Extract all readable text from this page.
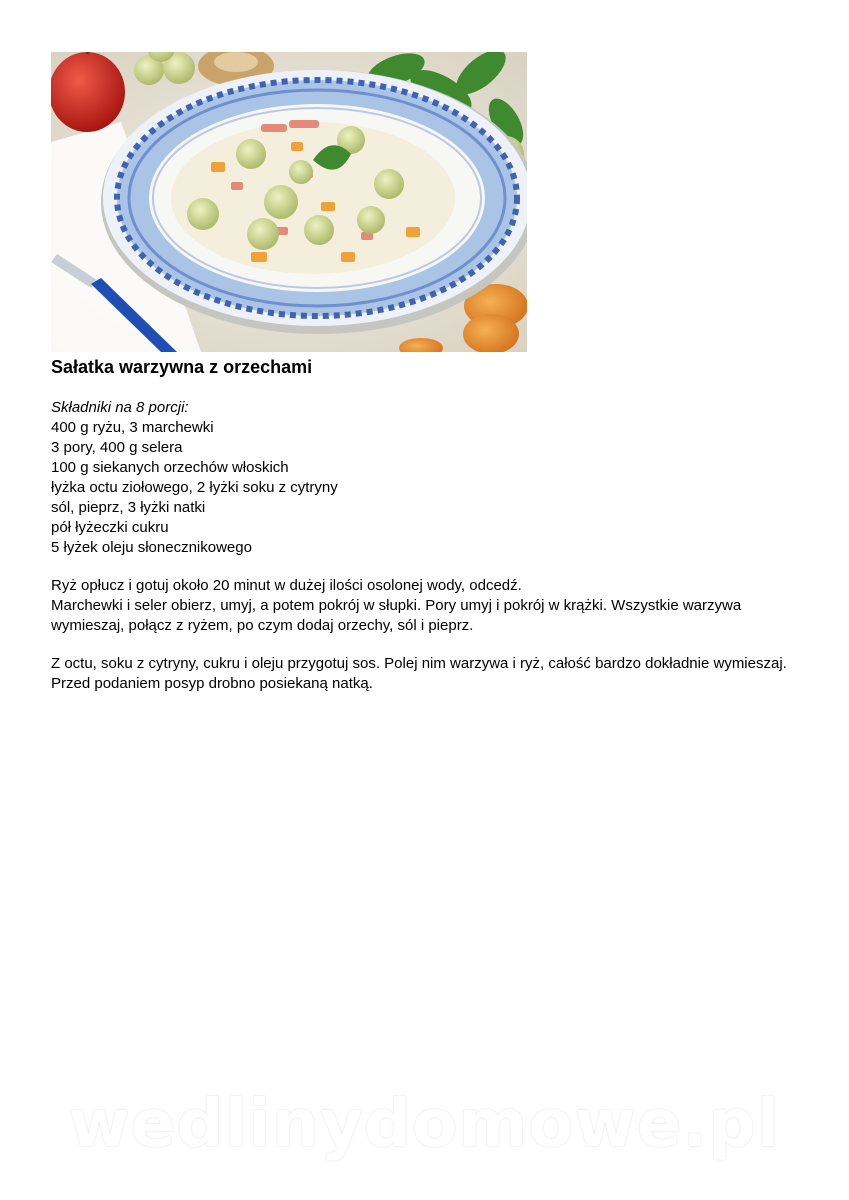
Sałatka warzywna z orzechami

Składniki na 8 porcji:
400 g ryżu, 3 marchewki
3 pory, 400 g selera
100 g siekanych orzechów włoskich
łyżka octu ziołowego, 2 łyżki soku z cytryny
sól, pieprz, 3 łyżki natki
pół łyżeczki cukru
5 łyżek oleju słonecznikowego

Ryż opłucz i gotuj około 20 minut w dużej ilości osolonej wody, odcedź.
Marchewki i seler obierz, umyj, a potem pokrój w słupki. Pory umyj i pokrój w krążki. Wszystkie warzywa wymieszaj, połącz z ryżem, po czym dodaj orzechy, sól i pieprz.

Z octu, soku z cytryny, cukru i oleju przygotuj sos. Polej nim warzywa i ryż, całość bardzo dokładnie wymieszaj. Przed podaniem posyp drobno posiekaną natką.

wedlinydomowe.pl
